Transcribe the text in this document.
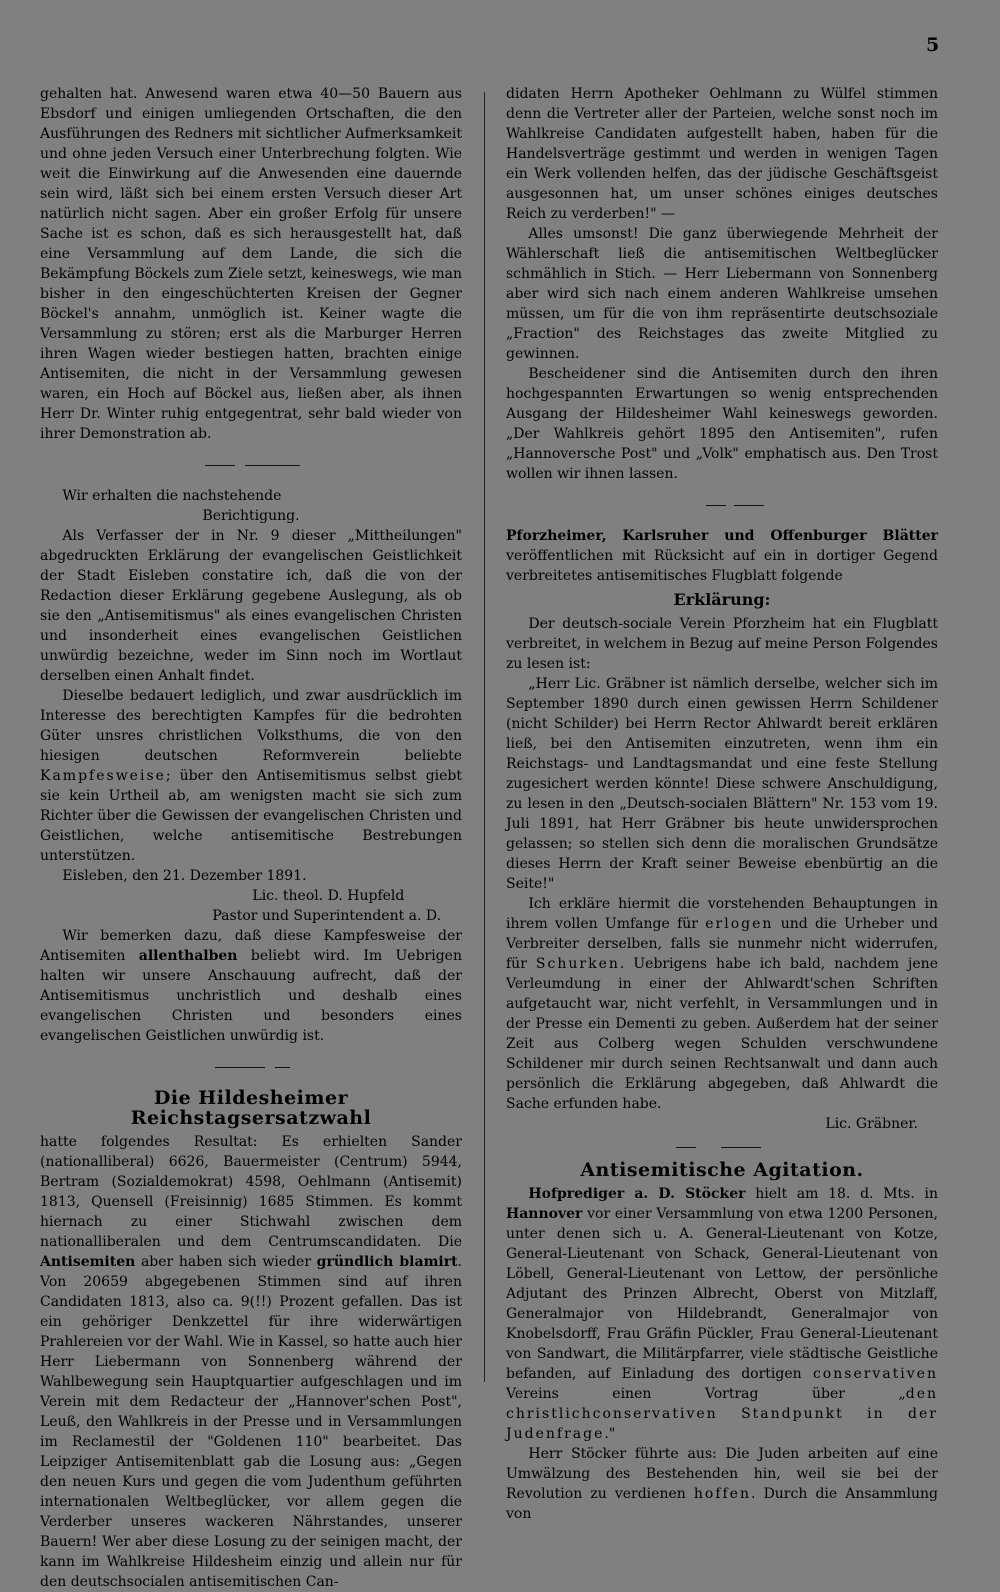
5

gehalten hat. Anwesend waren etwa 40—50 Bauern aus Ebsdorf und einigen umliegenden Ortschaften, die den Ausführungen des Redners mit sichtlicher Aufmerksamkeit und ohne jeden Versuch einer Unterbrechung folgten. Wie weit die Einwirkung auf die Anwesenden eine dauernde sein wird, läßt sich bei einem ersten Versuch dieser Art natürlich nicht sagen. Aber ein großer Erfolg für unsere Sache ist es schon, daß es sich herausgestellt hat, daß eine Versammlung auf dem Lande, die sich die Bekämpfung Böckels zum Ziele setzt, keineswegs, wie man bisher in den eingeschüchterten Kreisen der Gegner Böckel's annahm, unmöglich ist. Keiner wagte die Versammlung zu stören; erst als die Marburger Herren ihren Wagen wieder bestiegen hatten, brachten einige Antisemiten, die nicht in der Versammlung gewesen waren, ein Hoch auf Böckel aus, ließen aber, als ihnen Herr Dr. Winter ruhig entgegentrat, sehr bald wieder von ihrer Demonstration ab.

Wir erhalten die nachstehende

Berichtigung.

Als Verfasser der in Nr. 9 dieser „Mittheilungen" abgedruckten Erklärung der evangelischen Geistlichkeit der Stadt Eisleben constatire ich, daß die von der Redaction dieser Erklärung gegebene Auslegung, als ob sie den „Antisemitismus" als eines evangelischen Christen und insonderheit eines evangelischen Geistlichen unwürdig bezeichne, weder im Sinn noch im Wortlaut derselben einen Anhalt findet.

Dieselbe bedauert lediglich, und zwar ausdrücklich im Interesse des berechtigten Kampfes für die bedrohten Güter unsres christlichen Volksthums, die von den hiesigen deutschen Reformverein beliebte Kampfesweise; über den Antisemitismus selbst giebt sie kein Urtheil ab, am wenigsten macht sie sich zum Richter über die Gewissen der evangelischen Christen und Geistlichen, welche antisemitische Bestrebungen unterstützen.

Eisleben, den 21. Dezember 1891.

Lic. theol. D. Hupfeld

Pastor und Superintendent a. D.

Wir bemerken dazu, daß diese Kampfesweise der Antisemiten allenthalben beliebt wird. Im Uebrigen halten wir unsere Anschauung aufrecht, daß der Antisemitismus unchristlich und deshalb eines evangelischen Christen und besonders eines evangelischen Geistlichen unwürdig ist.

Die Hildesheimer Reichstagsersatzwahl

hatte folgendes Resultat: Es erhielten Sander (nationalliberal) 6626, Bauermeister (Centrum) 5944, Bertram (Sozialdemokrat) 4598, Oehlmann (Antisemit) 1813, Quensell (Freisinnig) 1685 Stimmen. Es kommt hiernach zu einer Stichwahl zwischen dem nationalliberalen und dem Centrumscandidaten. Die Antisemiten aber haben sich wieder gründlich blamirt. Von 20659 abgegebenen Stimmen sind auf ihren Candidaten 1813, also ca. 9(!!) Prozent gefallen. Das ist ein gehöriger Denkzettel für ihre widerwärtigen Prahlereien vor der Wahl. Wie in Kassel, so hatte auch hier Herr Liebermann von Sonnenberg während der Wahlbewegung sein Hauptquartier aufgeschlagen und im Verein mit dem Redacteur der „Hannover'schen Post", Leuß, den Wahlkreis in der Presse und in Versammlungen im Reclamestil der "Goldenen 110" bearbeitet. Das Leipziger Antisemitenblatt gab die Losung aus: „Gegen den neuen Kurs und gegen die vom Judenthum geführten internationalen Weltbeglücker, vor allem gegen die Verderber unseres wackeren Nährstandes, unserer Bauern! Wer aber diese Losung zu der seinigen macht, der kann im Wahlkreise Hildesheim einzig und allein nur für den deutschsocialen antisemitischen Can-

didaten Herrn Apotheker Oehlmann zu Wülfel stimmen denn die Vertreter aller der Parteien, welche sonst noch im Wahlkreise Candidaten aufgestellt haben, haben für die Handelsverträge gestimmt und werden in wenigen Tagen ein Werk vollenden helfen, das der jüdische Geschäftsgeist ausgesonnen hat, um unser schönes einiges deutsches Reich zu verderben!" —

Alles umsonst! Die ganz überwiegende Mehrheit der Wählerschaft ließ die antisemitischen Weltbeglücker schmählich in Stich. — Herr Liebermann von Sonnenberg aber wird sich nach einem anderen Wahlkreise umsehen müssen, um für die von ihm repräsentirte deutschsoziale „Fraction" des Reichstages das zweite Mitglied zu gewinnen.

Bescheidener sind die Antisemiten durch den ihren hochgespannten Erwartungen so wenig entsprechenden Ausgang der Hildesheimer Wahl keineswegs geworden. „Der Wahlkreis gehört 1895 den Antisemiten", rufen „Hannoversche Post" und „Volk" emphatisch aus. Den Trost wollen wir ihnen lassen.

Pforzheimer, Karlsruher und Offenburger Blätter veröffentlichen mit Rücksicht auf ein in dortiger Gegend verbreitetes antisemitisches Flugblatt folgende

Erklärung:

Der deutsch-sociale Verein Pforzheim hat ein Flugblatt verbreitet, in welchem in Bezug auf meine Person Folgendes zu lesen ist:

„Herr Lic. Gräbner ist nämlich derselbe, welcher sich im September 1890 durch einen gewissen Herrn Schildener (nicht Schilder) bei Herrn Rector Ahlwardt bereit erklären ließ, bei den Antisemiten einzutreten, wenn ihm ein Reichstags- und Landtagsmandat und eine feste Stellung zugesichert werden könnte! Diese schwere Anschuldigung, zu lesen in den „Deutsch-socialen Blättern" Nr. 153 vom 19. Juli 1891, hat Herr Gräbner bis heute unwidersprochen gelassen; so stellen sich denn die moralischen Grundsätze dieses Herrn der Kraft seiner Beweise ebenbürtig an die Seite!"

Ich erkläre hiermit die vorstehenden Behauptungen in ihrem vollen Umfange für erlogen und die Urheber und Verbreiter derselben, falls sie nunmehr nicht widerrufen, für Schurken. Uebrigens habe ich bald, nachdem jene Verleumdung in einer der Ahlwardt'schen Schriften aufgetaucht war, nicht verfehlt, in Versammlungen und in der Presse ein Dementi zu geben. Außerdem hat der seiner Zeit aus Colberg wegen Schulden verschwundene Schildener mir durch seinen Rechtsanwalt und dann auch persönlich die Erklärung abgegeben, daß Ahlwardt die Sache erfunden habe.

Lic. Gräbner.

Antisemitische Agitation.

Hofprediger a. D. Stöcker hielt am 18. d. Mts. in Hannover vor einer Versammlung von etwa 1200 Personen, unter denen sich u. A. General-Lieutenant von Kotze, General-Lieutenant von Schack, General-Lieutenant von Löbell, General-Lieutenant von Lettow, der persönliche Adjutant des Prinzen Albrecht, Oberst von Mitzlaff, Generalmajor von Hildebrandt, Generalmajor von Knobelsdorff, Frau Gräfin Pückler, Frau General-Lieutenant von Sandwart, die Militärpfarrer, viele städtische Geistliche befanden, auf Einladung des dortigen conservativen Vereins einen Vortrag über „den christlichconservativen Standpunkt in der Judenfrage."

Herr Stöcker führte aus: Die Juden arbeiten auf eine Umwälzung des Bestehenden hin, weil sie bei der Revolution zu verdienen hoffen. Durch die Ansammlung von
